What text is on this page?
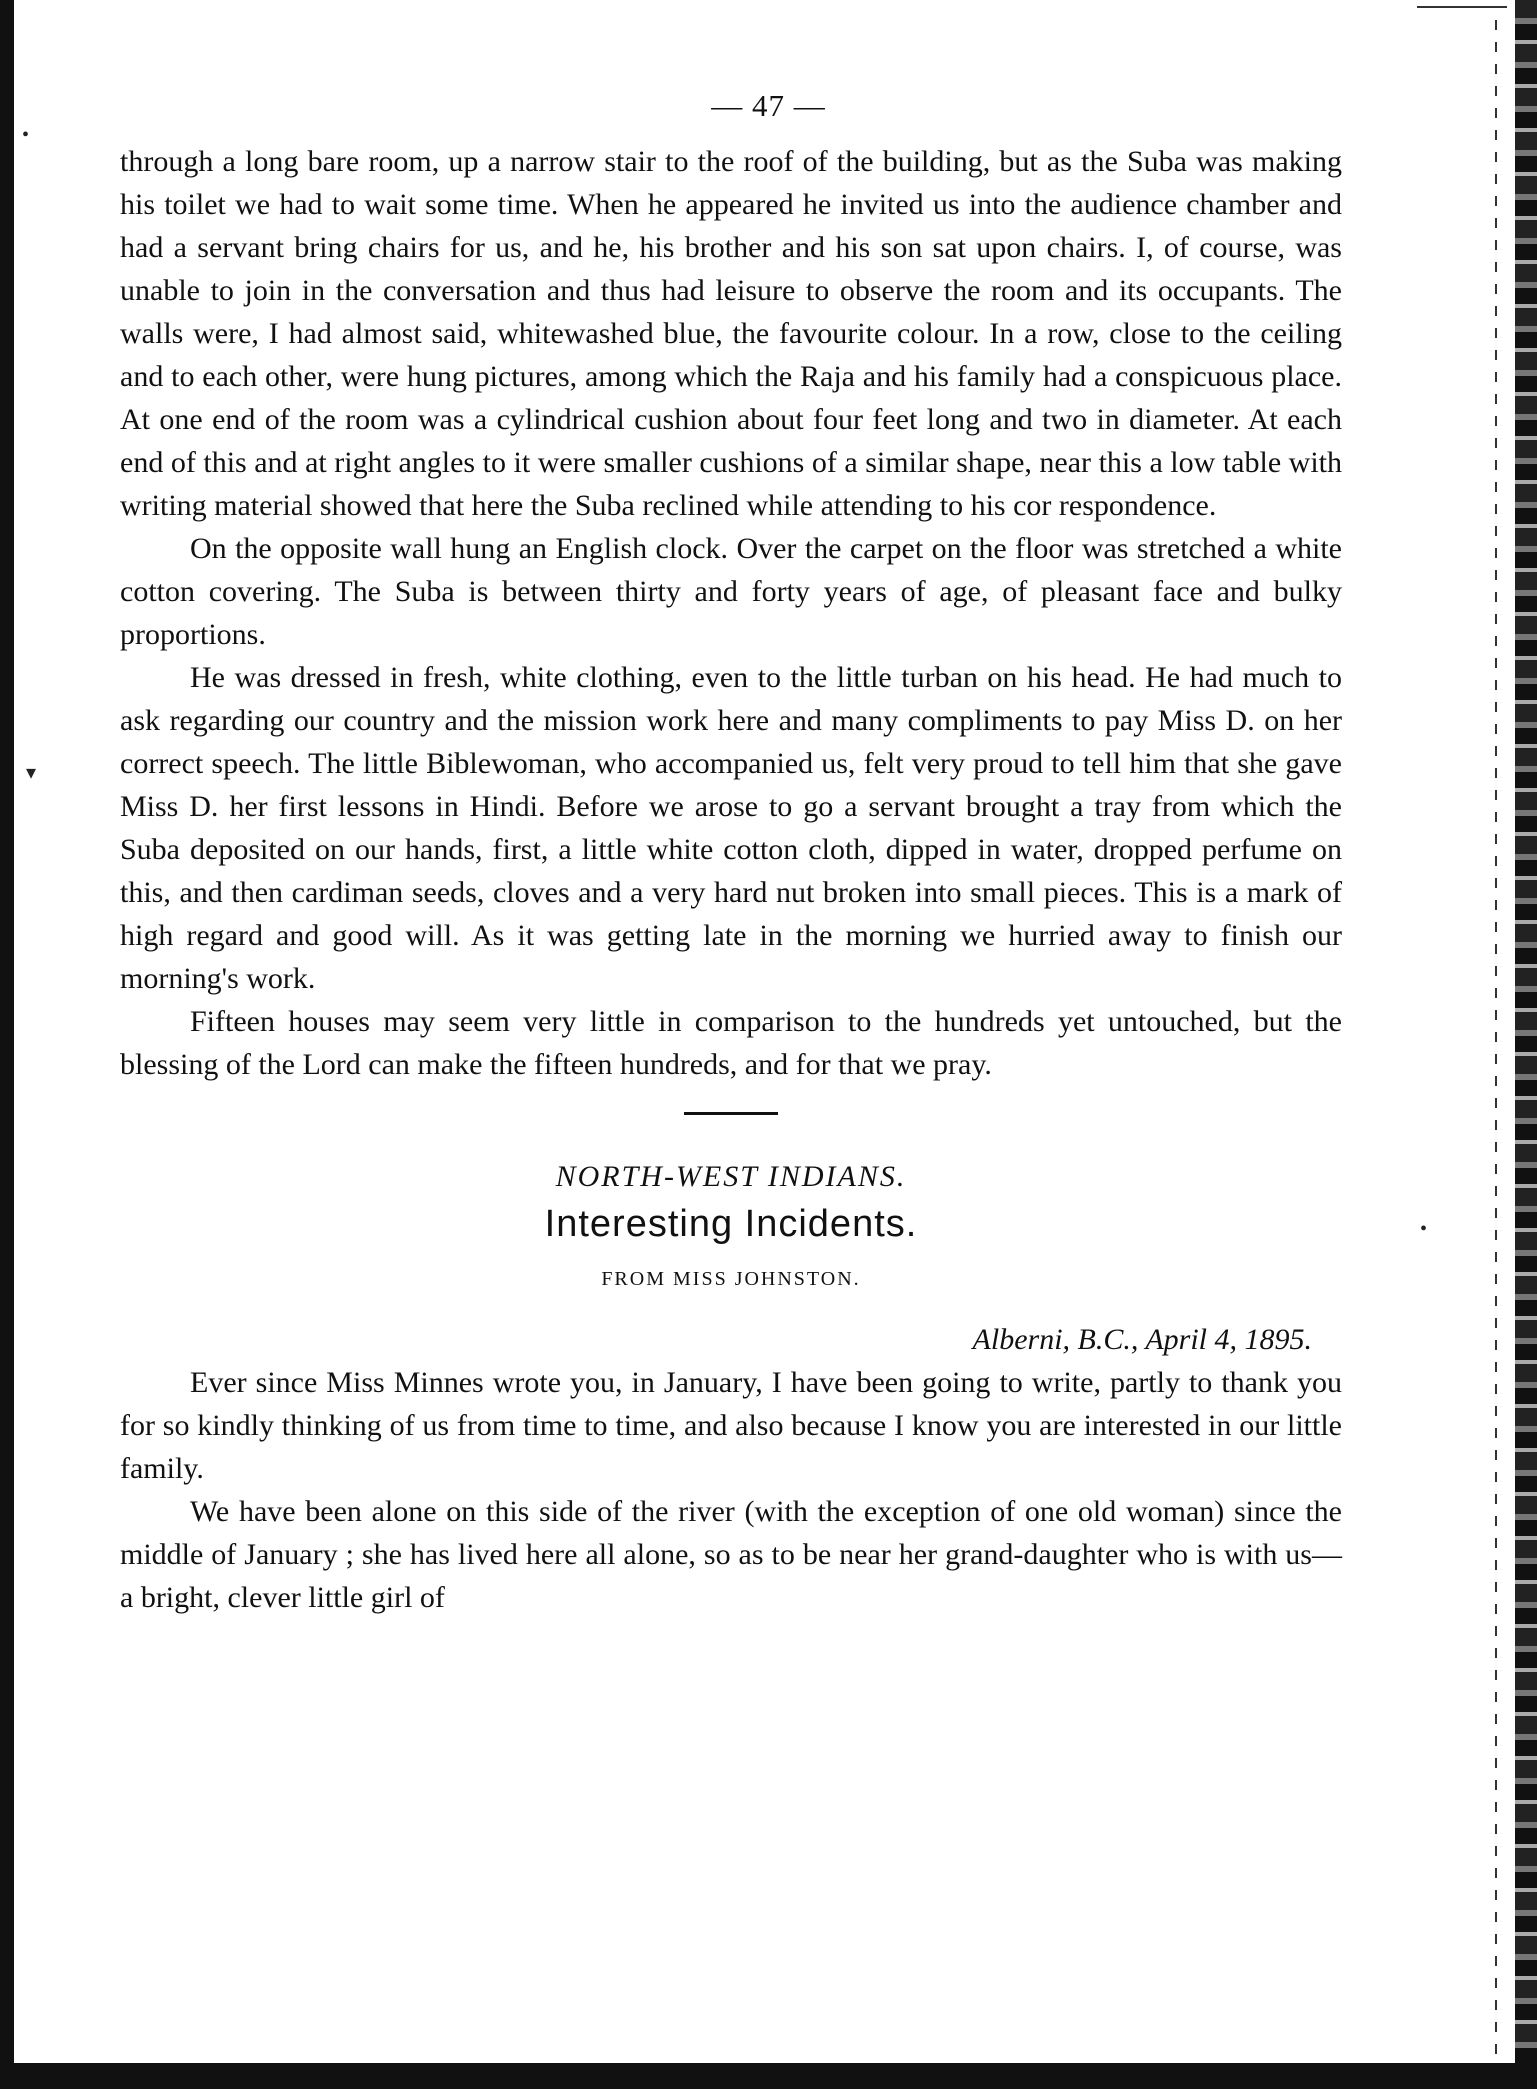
•
▾
•
— 47 —

through a long bare room, up a narrow stair to the roof of the building, but as the Suba was making his toilet we had to wait some time. When he appeared he invited us into the audience chamber and had a servant bring chairs for us, and he, his brother and his son sat upon chairs. I, of course, was unable to join in the conversation and thus had leisure to observe the room and its occupants. The walls were, I had almost said, whitewashed blue, the favourite colour. In a row, close to the ceiling and to each other, were hung pictures, among which the Raja and his family had a conspicuous place. At one end of the room was a cylindrical cushion about four feet long and two in diameter. At each end of this and at right angles to it were smaller cushions of a similar shape, near this a low table with writing material showed that here the Suba reclined while attending to his cor respondence.

On the opposite wall hung an English clock. Over the carpet on the floor was stretched a white cotton covering. The Suba is between thirty and forty years of age, of pleasant face and bulky proportions.

He was dressed in fresh, white clothing, even to the little turban on his head. He had much to ask regarding our country and the mission work here and many compliments to pay Miss D. on her correct speech. The little Biblewoman, who accompanied us, felt very proud to tell him that she gave Miss D. her first lessons in Hindi. Before we arose to go a servant brought a tray from which the Suba deposited on our hands, first, a little white cotton cloth, dipped in water, dropped perfume on this, and then cardiman seeds, cloves and a very hard nut broken into small pieces. This is a mark of high regard and good will. As it was getting late in the morning we hurried away to finish our morning's work.

Fifteen houses may seem very little in comparison to the hundreds yet untouched, but the blessing of the Lord can make the fifteen hundreds, and for that we pray.

NORTH-WEST INDIANS.
Interesting Incidents.
FROM MISS JOHNSTON.
Alberni, B.C., April 4, 1895.

Ever since Miss Minnes wrote you, in January, I have been going to write, partly to thank you for so kindly thinking of us from time to time, and also because I know you are interested in our little family.

We have been alone on this side of the river (with the exception of one old woman) since the middle of January ; she has lived here all alone, so as to be near her grand-daughter who is with us—a bright, clever little girl of
